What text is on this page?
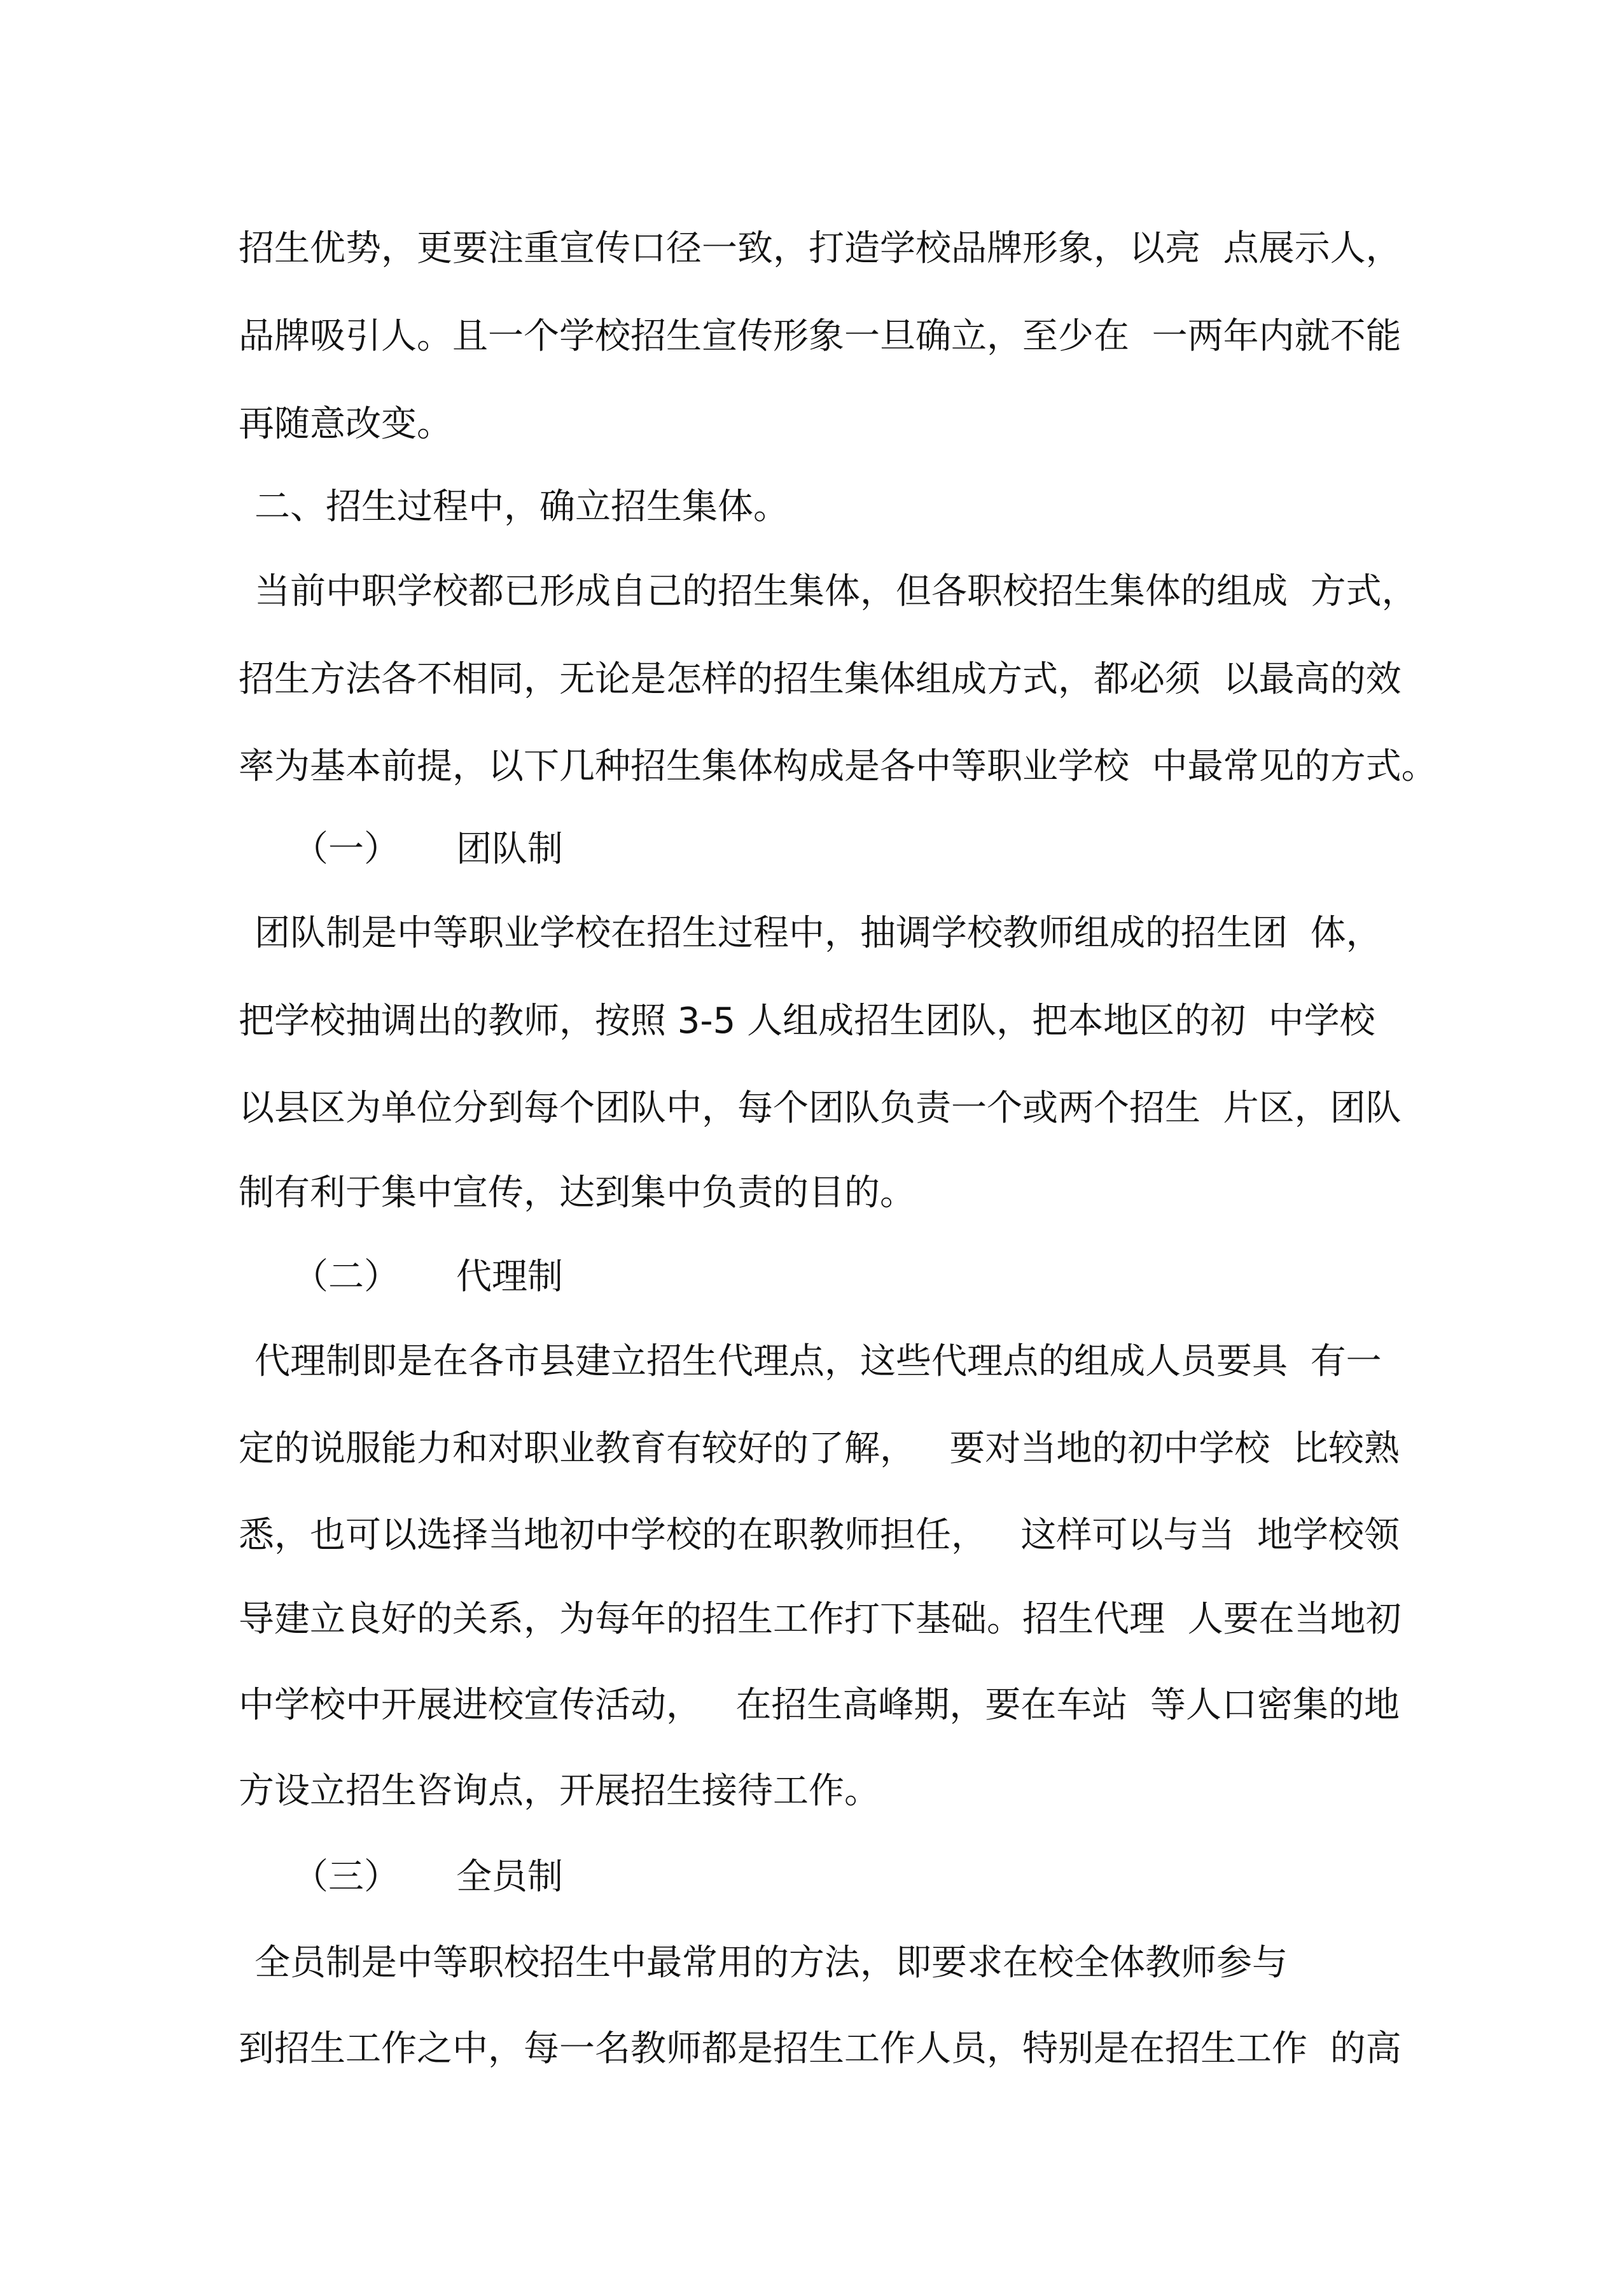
招生优势，更要注重宣传口径一致，打造学校品牌形象，以亮  点展示人，
品牌吸引人。且一个学校招生宣传形象一旦确立，至少在  一两年内就不能
再随意改变。
二、招生过程中，确立招生集体。
当前中职学校都已形成自己的招生集体，但各职校招生集体的组成  方式，
招生方法各不相同，无论是怎样的招生集体组成方式，都必须  以最高的效
率为基本前提，以下几种招生集体构成是各中等职业学校  中最常见的方式。
（一）     团队制
团队制是中等职业学校在招生过程中，抽调学校教师组成的招生团  体，
把学校抽调出的教师，按照 3-5 人组成招生团队，把本地区的初  中学校
以县区为单位分到每个团队中，每个团队负责一个或两个招生  片区，团队
制有利于集中宣传，达到集中负责的目的。
（二）     代理制
代理制即是在各市县建立招生代理点，这些代理点的组成人员要具  有一
定的说服能力和对职业教育有较好的了解，   要对当地的初中学校  比较熟
悉，也可以选择当地初中学校的在职教师担任，   这样可以与当  地学校领
导建立良好的关系，为每年的招生工作打下基础。招生代理  人要在当地初
中学校中开展进校宣传活动，   在招生高峰期，要在车站  等人口密集的地
方设立招生咨询点，开展招生接待工作。
（三）     全员制
全员制是中等职校招生中最常用的方法，即要求在校全体教师参与
到招生工作之中，每一名教师都是招生工作人员，特别是在招生工作  的高
